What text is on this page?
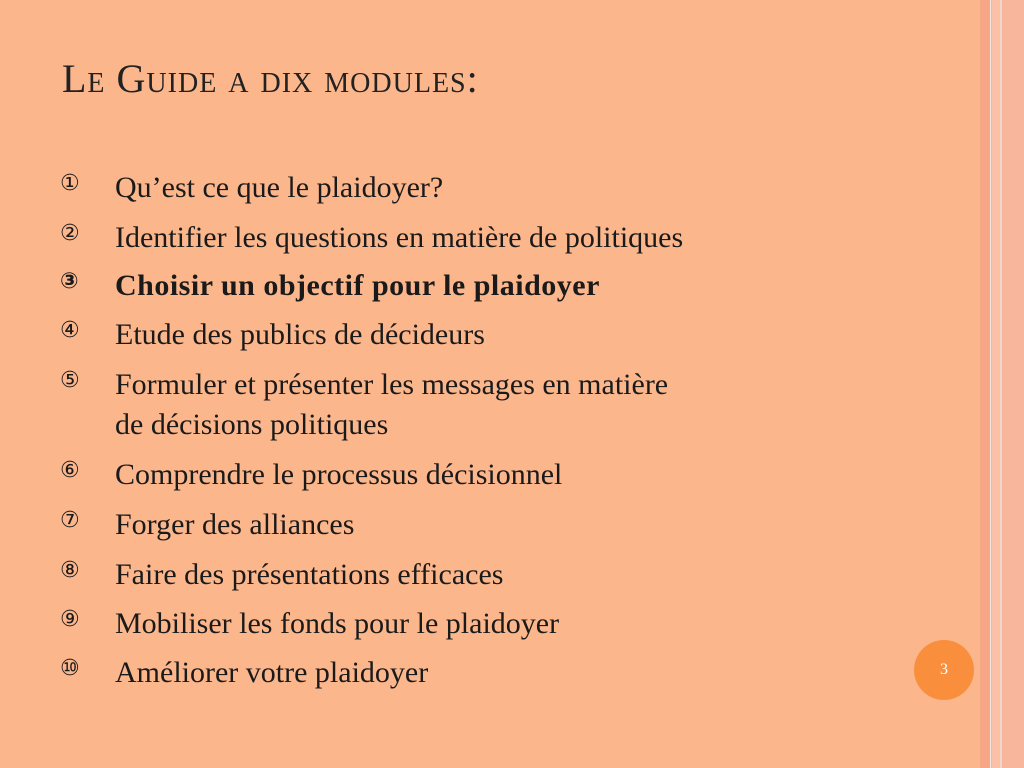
Le Guide a dix modules:
① Qu’est ce que le plaidoyer?
② Identifier les questions en matière de politiques
③ Choisir un objectif pour le plaidoyer
④ Etude des publics de décideurs
⑤ Formuler et présenter les messages en matière
de décisions politiques
⑥ Comprendre le processus décisionnel
⑦ Forger des alliances
⑧ Faire des présentations efficaces
⑨ Mobiliser les fonds pour le plaidoyer
⑩ Améliorer votre plaidoyer	3
